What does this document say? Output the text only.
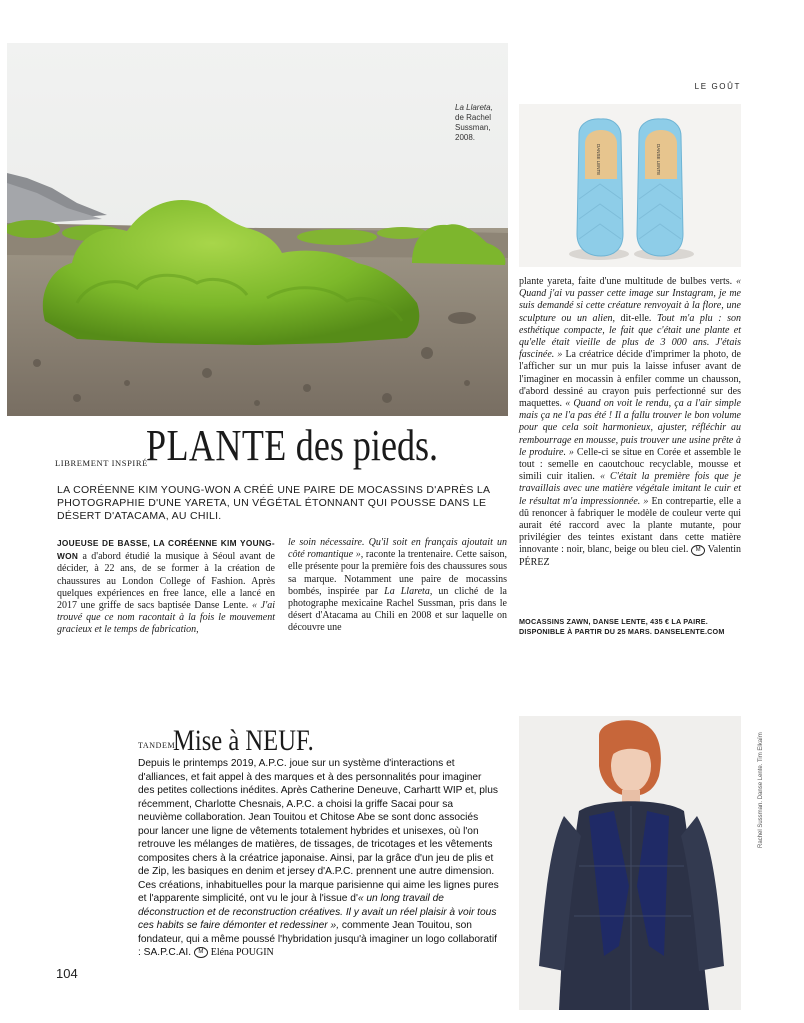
La Llareta,
de Rachel
Sussman,
2008.
LE GOÛT
DANSE LENTE	DANSE LENTE
LIBREMENT INSPIRÉ
PLANTE des pieds.
LA CORÉENNE KIM YOUNG-WON A CRÉÉ UNE PAIRE DE MOCASSINS D'APRÈS LA PHOTOGRAPHIE D'UNE YARETA, UN VÉGÉTAL ÉTONNANT QUI POUSSE DANS LE DÉSERT D'ATACAMA, AU CHILI.
JOUEUSE DE BASSE, LA CORÉENNE KIM YOUNG-WON a d'abord étudié la musique à Séoul avant de décider, à 22 ans, de se former à la création de chaussures au London College of Fashion. Après quelques expériences en free lance, elle a lancé en 2017 une griffe de sacs baptisée Danse Lente. « J'ai trouvé que ce nom racontait à la fois le mouvement gracieux et le temps de fabrication,
le soin nécessaire. Qu'il soit en français ajoutait un côté romantique », raconte la trentenaire. Cette saison, elle présente pour la première fois des chaussures sous sa marque. Notamment une paire de mocassins bombés, inspirée par La Llareta, un cliché de la photographe mexicaine Rachel Sussman, pris dans le désert d'Atacama au Chili en 2008 et sur laquelle on découvre une
plante yareta, faite d'une multitude de bulbes verts. « Quand j'ai vu passer cette image sur Instagram, je me suis demandé si cette créature renvoyait à la flore, une sculpture ou un alien, dit-elle. Tout m'a plu : son esthétique compacte, le fait que c'était une plante et qu'elle était vieille de plus de 3 000 ans. J'étais fascinée. » La créatrice décide d'imprimer la photo, de l'afficher sur un mur puis la laisse infuser avant de l'imaginer en mocassin à enfiler comme un chausson, d'abord dessiné au crayon puis perfectionné sur des maquettes. « Quand on voit le rendu, ça a l'air simple mais ça ne l'a pas été ! Il a fallu trouver le bon volume pour que cela soit harmonieux, ajuster, réfléchir au rembourrage en mousse, puis trouver une usine prête à le produire. » Celle-ci se situe en Corée et assemble le tout : semelle en caoutchouc recyclable, mousse et simili cuir italien. « C'était la première fois que je travaillais avec une matière végétale imitant le cuir et le résultat m'a impressionnée. » En contrepartie, elle a dû renoncer à fabriquer le modèle de couleur verte qui aurait été raccord avec la plante mutante, pour privilégier des teintes existant dans cette matière innovante : noir, blanc, beige ou bleu ciel. M Valentin PÉREZ
MOCASSINS ZAWN, DANSE LENTE, 435 € LA PAIRE.
DISPONIBLE À PARTIR DU 25 MARS. DANSELENTE.COM
TANDEM
Mise à NEUF.
Depuis le printemps 2019, A.P.C. joue sur un système d'interactions et d'alliances, et fait appel à des marques et à des personnalités pour imaginer des petites collections inédites. Après Catherine Deneuve, Carhartt WIP et, plus récemment, Charlotte Chesnais, A.P.C. a choisi la griffe Sacai pour sa neuvième collaboration. Jean Touitou et Chitose Abe se sont donc associés pour lancer une ligne de vêtements totalement hybrides et unisexes, où l'on retrouve les mélanges de matières, de tissages, de tricotages et les vêtements composites chers à la créatrice japonaise. Ainsi, par la grâce d'un jeu de plis et de Zip, les basiques en denim et jersey d'A.P.C. prennent une autre dimension. Ces créations, inhabituelles pour la marque parisienne qui aime les lignes pures et l'apparente simplicité, ont vu le jour à l'issue d'« un long travail de déconstruction et de reconstruction créatives. Il y avait un réel plaisir à voir tous ces habits se faire démonter et redessiner », commente Jean Touitou, son fondateur, qui a même poussé l'hybridation jusqu'à imaginer un logo collaboratif : SA.P.C.AI. M Eléna POUGIN
Rachel Sussman. Danse Lente. Tim Elkaïm
104
